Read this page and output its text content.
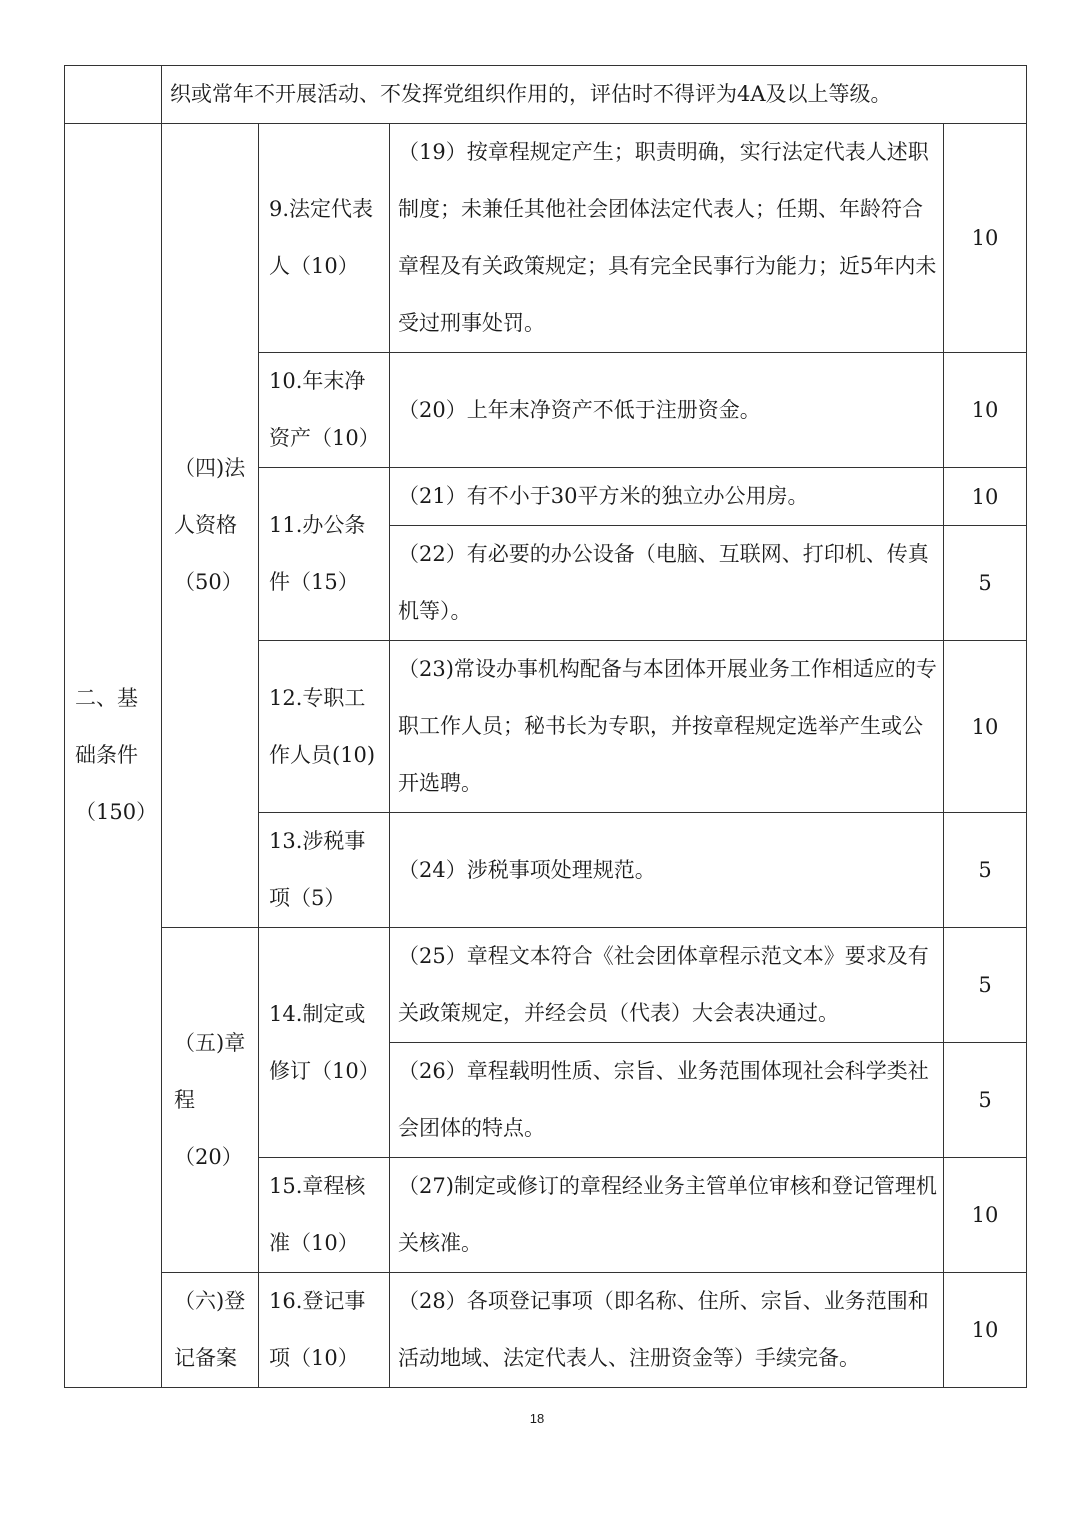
	织或常年不开展活动、不发挥党组织作用的，评估时不得评为4A及以上等级。			
二、基础条件（150）	（四)法人资格（50）	9.法定代表人（10）	（19）按章程规定产生；职责明确，实行法定代表人述职制度；未兼任其他社会团体法定代表人；任期、年龄符合章程及有关政策规定；具有完全民事行为能力；近5年内未受过刑事处罚。	10
		10.年末净资产（10）	（20）上年末净资产不低于注册资金。	10
		11.办公条件（15）	（21）有不小于30平方米的独立办公用房。	10
			（22）有必要的办公设备（电脑、互联网、打印机、传真机等）。	5
		12.专职工作人员(10)	（23)常设办事机构配备与本团体开展业务工作相适应的专职工作人员；秘书长为专职，并按章程规定选举产生或公开选聘。	10
		13.涉税事项（5）	（24）涉税事项处理规范。	5
	（五)章程（20）	14.制定或修订（10）	（25）章程文本符合《社会团体章程示范文本》要求及有关政策规定，并经会员（代表）大会表决通过。	5
			（26）章程载明性质、宗旨、业务范围体现社会科学类社会团体的特点。	5
		15.章程核准（10）	（27)制定或修订的章程经业务主管单位审核和登记管理机关核准。	10
	（六)登记备案	16.登记事项（10）	（28）各项登记事项（即名称、住所、宗旨、业务范围和活动地域、法定代表人、注册资金等）手续完备。	10
18
